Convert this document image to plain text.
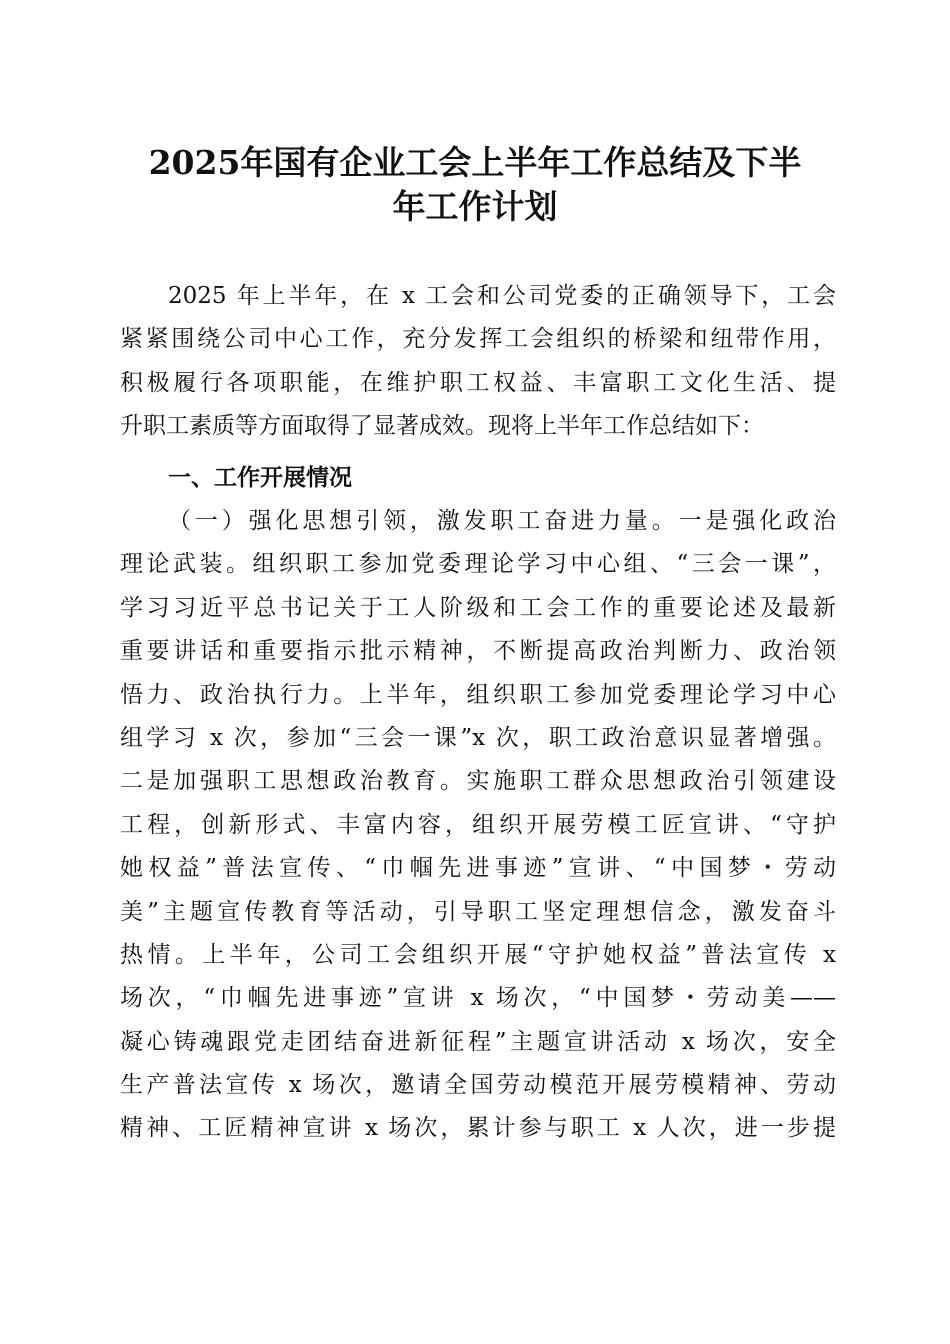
2025年国有企业工会上半年工作总结及下半
年工作计划
2025 年上半年，在 x 工会和公司党委的正确领导下，工会
紧紧围绕公司中心工作，充分发挥工会组织的桥梁和纽带作用，
积极履行各项职能，在维护职工权益、丰富职工文化生活、提
升职工素质等方面取得了显著成效。现将上半年工作总结如下：
一、工作开展情况
（一）强化思想引领，激发职工奋进力量。一是强化政治
理论武装。组织职工参加党委理论学习中心组、“三会一课”，
学习习近平总书记关于工人阶级和工会工作的重要论述及最新
重要讲话和重要指示批示精神，不断提高政治判断力、政治领
悟力、政治执行力。上半年，组织职工参加党委理论学习中心
组学习 x 次，参加“三会一课”x 次，职工政治意识显著增强。
二是加强职工思想政治教育。实施职工群众思想政治引领建设
工程，创新形式、丰富内容，组织开展劳模工匠宣讲、“守护
她权益”普法宣传、“巾帼先进事迹”宣讲、“中国梦・劳动
美”主题宣传教育等活动，引导职工坚定理想信念，激发奋斗
热情。上半年，公司工会组织开展“守护她权益”普法宣传 x
场次，“巾帼先进事迹”宣讲 x 场次，“中国梦・劳动美——
凝心铸魂跟党走团结奋进新征程”主题宣讲活动 x 场次，安全
生产普法宣传 x 场次，邀请全国劳动模范开展劳模精神、劳动
精神、工匠精神宣讲 x 场次，累计参与职工 x 人次，进一步提
